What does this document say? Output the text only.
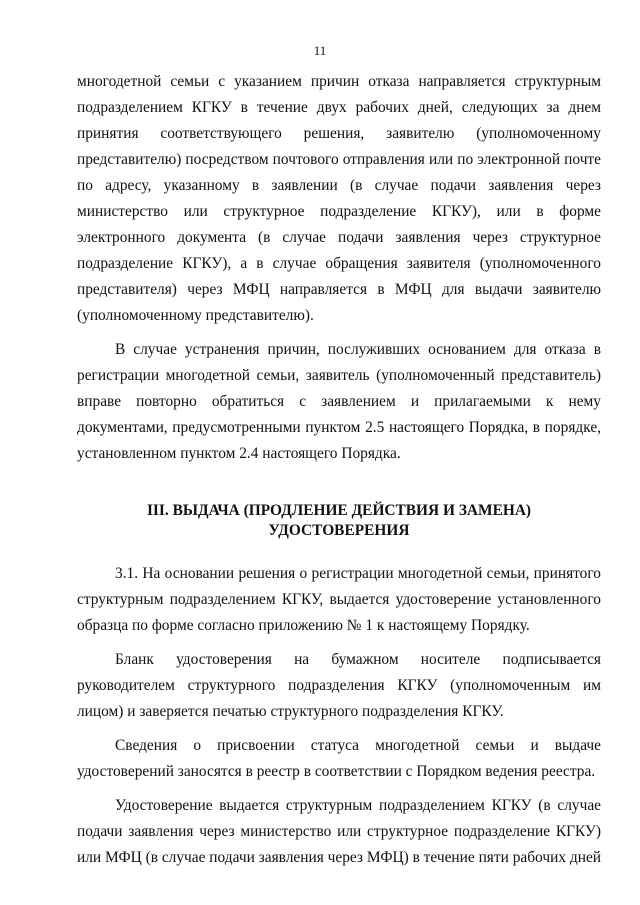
11
многодетной семьи с указанием причин отказа направляется структурным
подразделением КГКУ в течение двух рабочих дней, следующих за днем
принятия соответствующего решения, заявителю (уполномоченному
представителю) посредством почтового отправления или по электронной почте
по адресу, указанному в заявлении (в случае подачи заявления через
министерство или структурное подразделение КГКУ), или в форме
электронного документа (в случае подачи заявления через структурное
подразделение КГКУ), а в случае обращения заявителя (уполномоченного
представителя) через МФЦ направляется в МФЦ для выдачи заявителю
(уполномоченному представителю).
В случае устранения причин, послуживших основанием для отказа в
регистрации многодетной семьи, заявитель (уполномоченный представитель)
вправе повторно обратиться с заявлением и прилагаемыми к нему
документами, предусмотренными пунктом 2.5 настоящего Порядка, в порядке,
установленном пунктом 2.4 настоящего Порядка.
III. ВЫДАЧА (ПРОДЛЕНИЕ ДЕЙСТВИЯ И ЗАМЕНА)
УДОСТОВЕРЕНИЯ
3.1. На основании решения о регистрации многодетной семьи, принятого
структурным подразделением КГКУ, выдается удостоверение установленного
образца по форме согласно приложению № 1 к настоящему Порядку.
Бланк удостоверения на бумажном носителе подписывается
руководителем структурного подразделения КГКУ (уполномоченным им
лицом) и заверяется печатью структурного подразделения КГКУ.
Сведения о присвоении статуса многодетной семьи и выдаче
удостоверений заносятся в реестр в соответствии с Порядком ведения реестра.
Удостоверение выдается структурным подразделением КГКУ (в случае
подачи заявления через министерство или структурное подразделение КГКУ)
или МФЦ (в случае подачи заявления через МФЦ) в течение пяти рабочих дней
